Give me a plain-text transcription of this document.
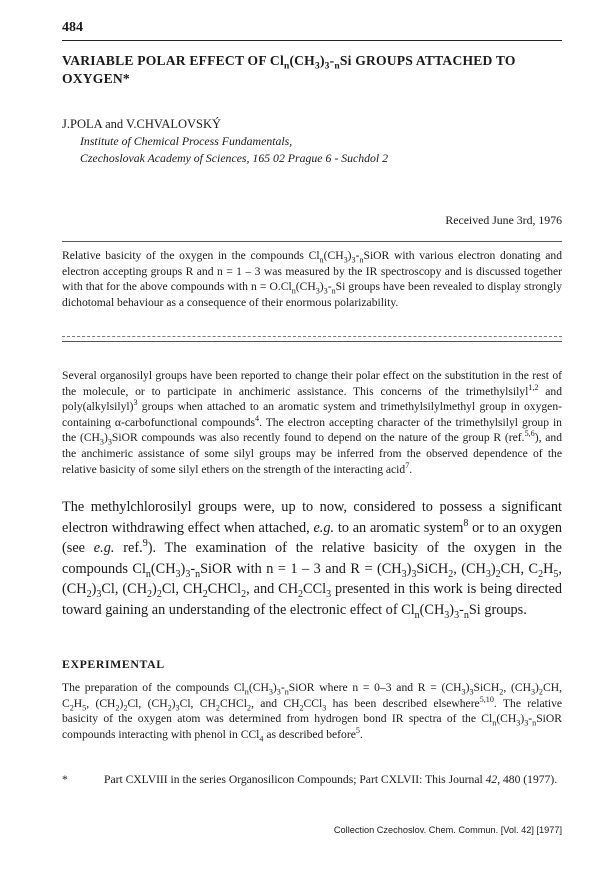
484
VARIABLE POLAR EFFECT OF $Cl_n(CH_3)_3-_nSi$ GROUPS ATTACHED TO OXYGEN*
J.POLA and V.CHVALOVSKÝ
Institute of Chemical Process Fundamentals,
Czechoslovak Academy of Sciences, 165 02 Prague 6 - Suchdol 2
Received June 3rd, 1976
Relative basicity of the oxygen in the compounds $Cl_n(CH_3)_3-_nSiOR$ with various electron donating and electron accepting groups R and n = 1 – 3 was measured by the IR spectroscopy and is discussed together with that for the above compounds with $n = O.Cl_n(CH_3)_3-_nSi$ groups have been revealed to display strongly dichotomal behaviour as a consequence of their enormous polarizability.
Several organosilyl groups have been reported to change their polar effect on the substitution in the rest of the molecule, or to participate in anchimeric assistance. This concerns of the trimethylsilyl$^{1,2}$ and poly(alkylsilyl)$^3$ groups when attached to an aromatic system and trimethylsilylmethyl group in oxygen-containing α-carbofunctional compounds$^4$. The electron accepting character of the trimethylsilyl group in the $(CH_3)_3SiOR$ compounds was also recently found to depend on the nature of the group R (ref.$^{5,6}$), and the anchimeric assistance of some silyl groups may be inferred from the observed dependence of the relative basicity of some silyl ethers on the strength of the interacting acid$^7$.
The methylchlorosilyl groups were, up to now, considered to possess a significant electron withdrawing effect when attached, e.g. to an aromatic system$^8$ or to an oxygen (see e.g. ref.$^9$). The examination of the relative basicity of the oxygen in the compounds $Cl_n(CH_3)_3-_nSiOR$ with n = 1 – 3 and $R = (CH_3)_3SiCH_2$, $(CH_3)_2CH$, $C_2H_5$, $(CH_2)_3Cl$, $(CH_2)_2Cl$, $CH_2CHCl_2$, and $CH_2CCl_3$ presented in this work is being directed toward gaining an understanding of the electronic effect of $Cl_n(CH_3)_3-_nSi$ groups.
EXPERIMENTAL
The preparation of the compounds $Cl_n(CH_3)_3-_nSiOR$ where n = 0–3 and $R = (CH_3)_3SiCH_2$, $(CH_3)_2CH$, $C_2H_5$, $(CH_2)_2Cl$, $(CH_2)_3Cl$, $CH_2CHCl_2$, and $CH_2CCl_3$ has been described elsewhere$^{5,10}$. The relative basicity of the oxygen atom was determined from hydrogen bond IR spectra of the $Cl_n(CH_3)_3-_nSiOR$ compounds interacting with phenol in CCl$_4$ as described before$^5$.
*	Part CXLVIII in the series Organosilicon Compounds; Part CXLVII: This Journal 42, 480 (1977).
Collection Czechoslov. Chem. Commun. [Vol. 42] [1977]
